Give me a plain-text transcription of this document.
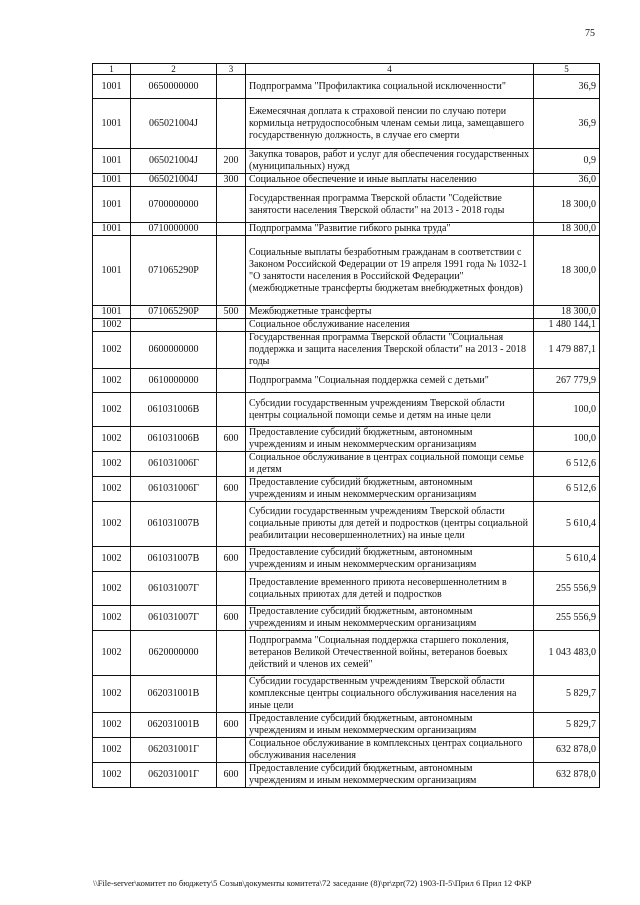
75
1	2	3	4	5
1001	0650000000		Подпрограмма "Профилактика социальной исключенности"	36,9
1001	065021004J		Ежемесячная доплата к страховой пенсии по случаю потери кормильца нетрудоспособным членам семьи лица, замещавшего государственную должность, в случае его смерти	36,9
1001	065021004J	200	Закупка товаров, работ и услуг для обеспечения государственных (муниципальных) нужд	0,9
1001	065021004J	300	Социальное обеспечение и иные выплаты населению	36,0
1001	0700000000		Государственная программа Тверской области "Содействие занятости населения Тверской области" на 2013 - 2018 годы	18 300,0
1001	0710000000		Подпрограмма "Развитие гибкого рынка труда"	18 300,0
1001	071065290P		Социальные выплаты безработным гражданам в соответствии с Законом Российской Федерации от 19 апреля 1991 года № 1032-1 "О занятости населения в Российской Федерации" (межбюджетные трансферты бюджетам внебюджетных фондов)	18 300,0
1001	071065290P	500	Межбюджетные трансферты	18 300,0
1002			Социальное обслуживание населения	1 480 144,1
1002	0600000000		Государственная программа Тверской области "Социальная поддержка и защита населения Тверской области" на 2013 - 2018 годы	1 479 887,1
1002	0610000000		Подпрограмма "Социальная поддержка семей с детьми"	267 779,9
1002	061031006B		Субсидии государственным учреждениям Тверской области центры социальной помощи семье и детям на иные цели	100,0
1002	061031006B	600	Предоставление субсидий бюджетным, автономным учреждениям и иным некоммерческим организациям	100,0
1002	061031006Г		Социальное обслуживание в центрах социальной помощи семье и детям	6 512,6
1002	061031006Г	600	Предоставление субсидий бюджетным, автономным учреждениям и иным некоммерческим организациям	6 512,6
1002	061031007B		Субсидии государственным учреждениям Тверской области социальные приюты для детей и подростков (центры социальной реабилитации несовершеннолетних) на иные цели	5 610,4
1002	061031007B	600	Предоставление субсидий бюджетным, автономным учреждениям и иным некоммерческим организациям	5 610,4
1002	061031007Г		Предоставление временного приюта несовершеннолетним в социальных приютах для детей и подростков	255 556,9
1002	061031007Г	600	Предоставление субсидий бюджетным, автономным учреждениям и иным некоммерческим организациям	255 556,9
1002	0620000000		Подпрограмма "Социальная поддержка старшего поколения, ветеранов Великой Отечественной войны, ветеранов боевых действий и членов их семей"	1 043 483,0
1002	062031001B		Субсидии государственным учреждениям Тверской области комплексные центры социального обслуживания населения на иные цели	5 829,7
1002	062031001B	600	Предоставление субсидий бюджетным, автономным учреждениям и иным некоммерческим организациям	5 829,7
1002	062031001Г		Социальное обслуживание в комплексных центрах социального обслуживания населения	632 878,0
1002	062031001Г	600	Предоставление субсидий бюджетным, автономным учреждениям и иным некоммерческим организациям	632 878,0
\\File-server\комитет по бюджету\5 Созыв\документы комитета\72 заседание (8)\pr\zpr(72) 1903-П-5\Прил 6 Прил 12 ФКР
